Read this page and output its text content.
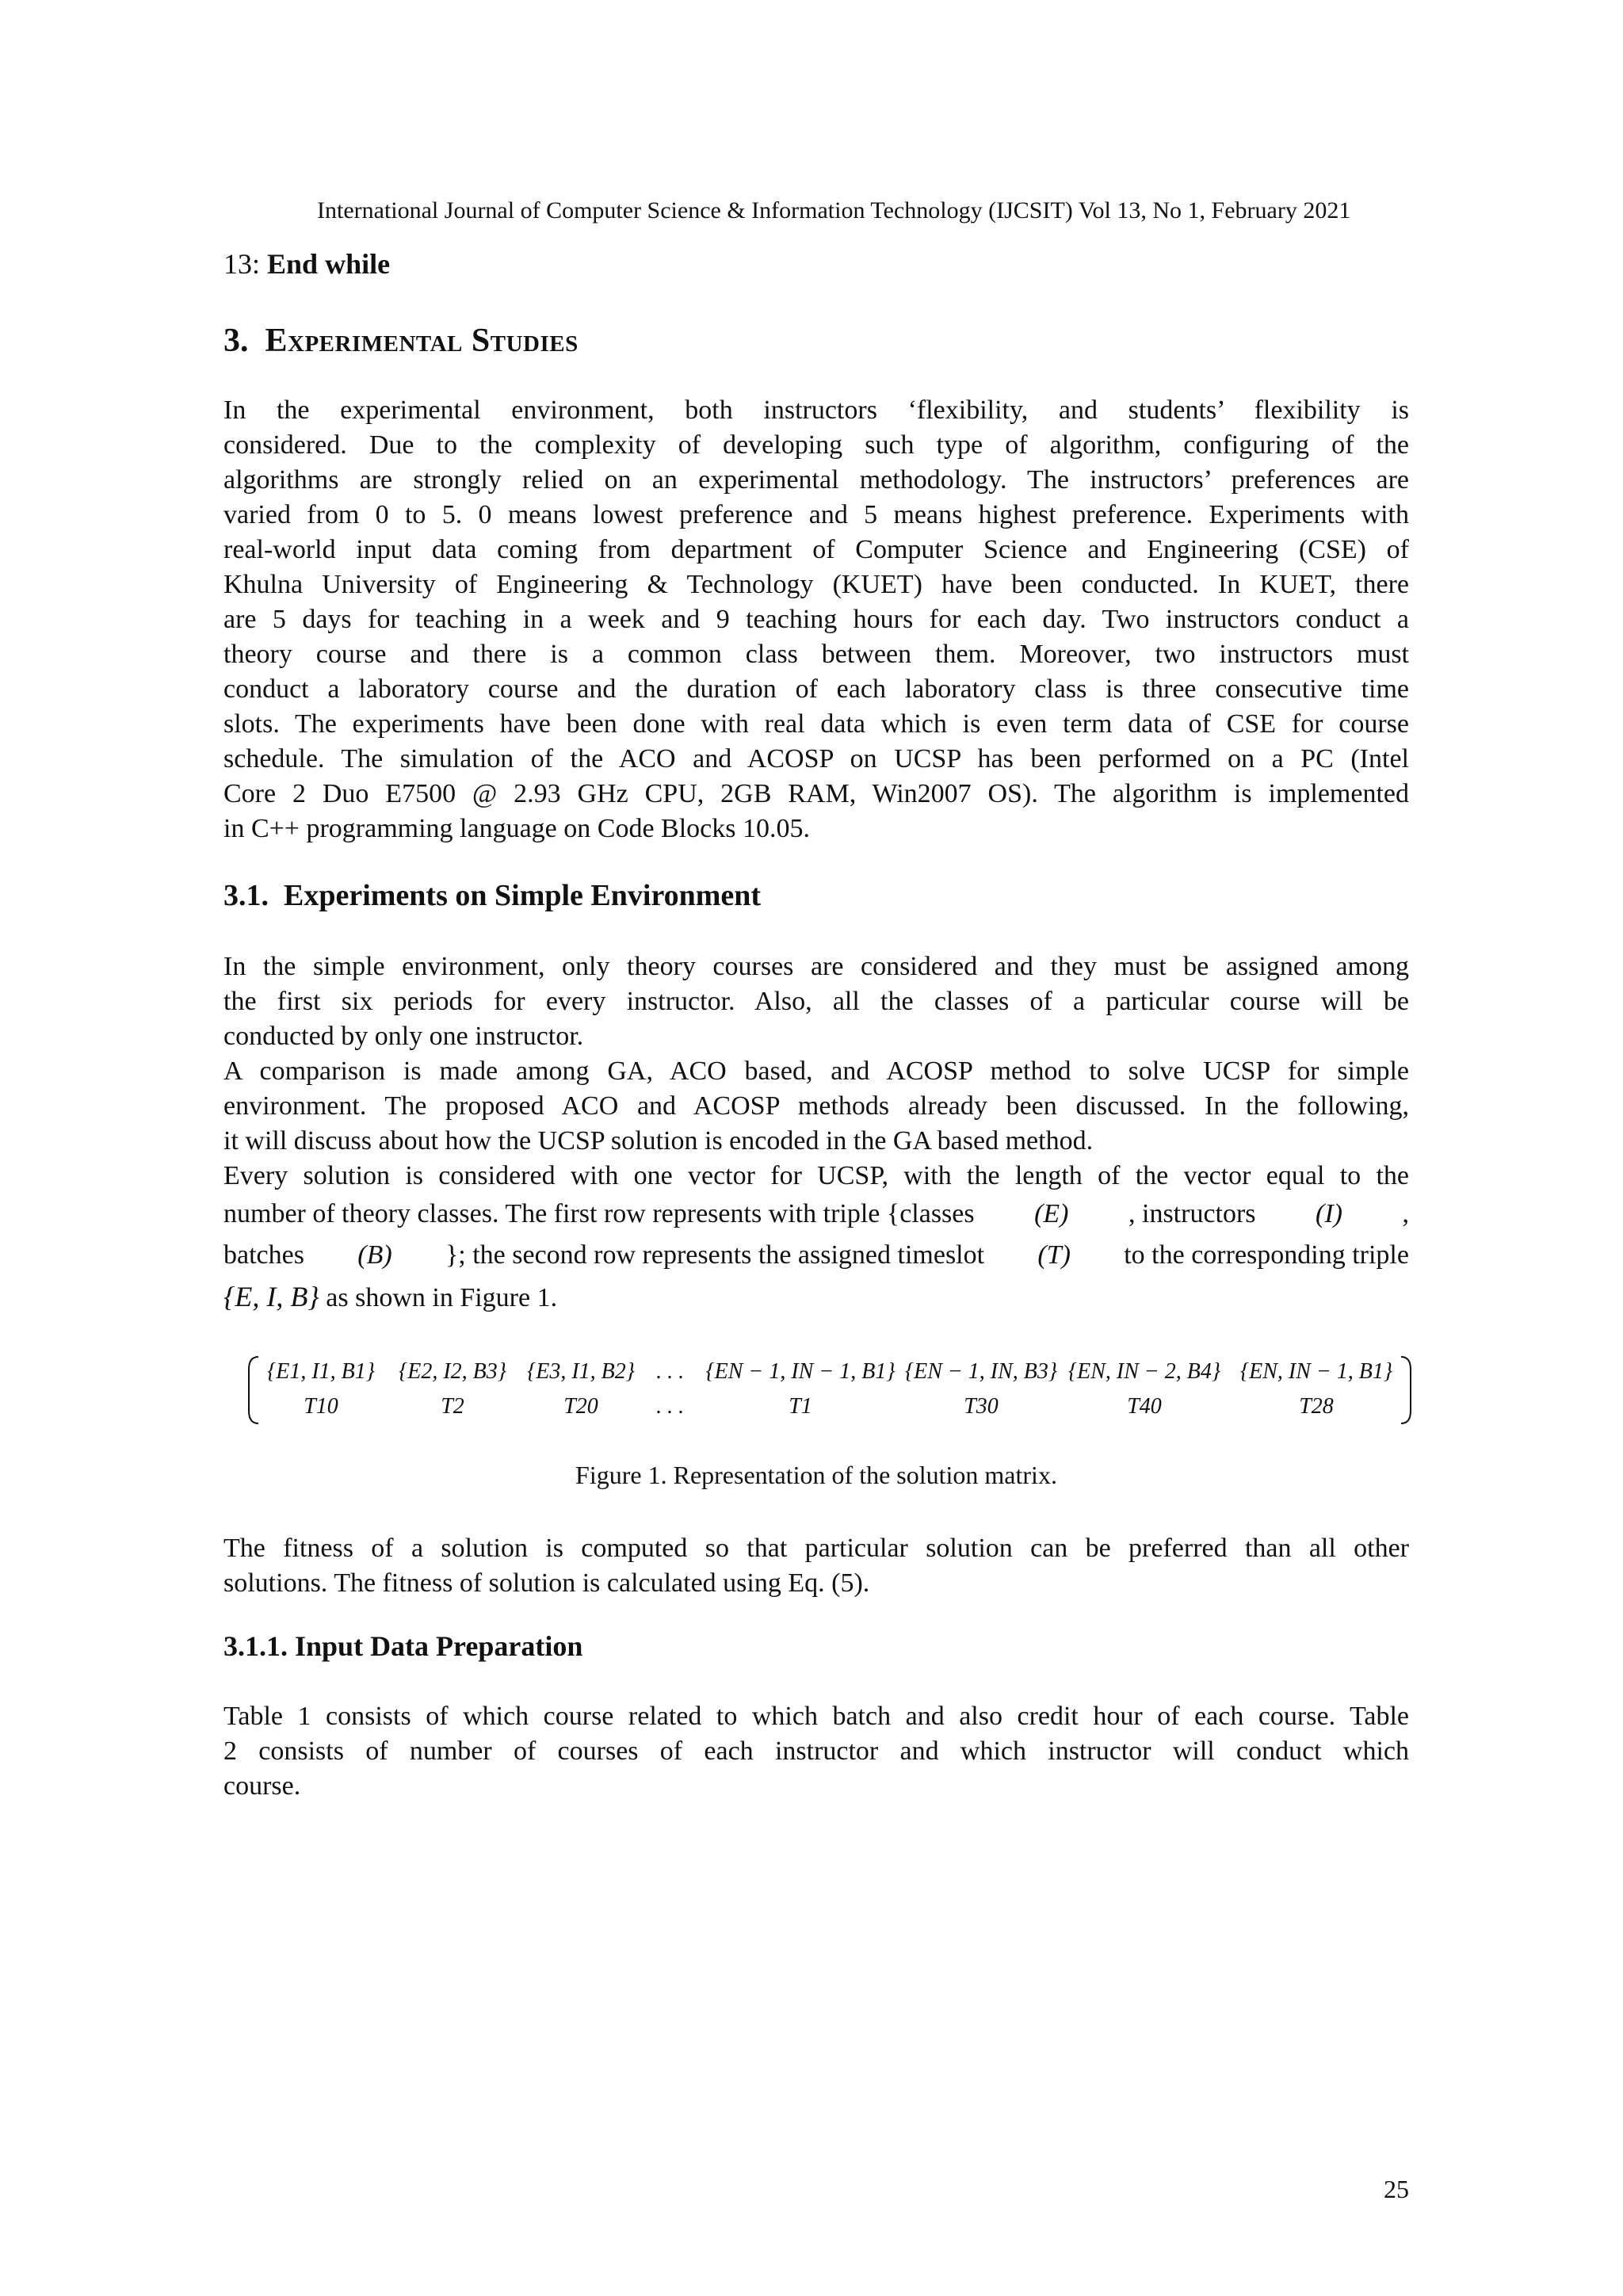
International Journal of Computer Science & Information Technology (IJCSIT) Vol 13, No 1, February 2021
13: End while
3. Experimental Studies
In the experimental environment, both instructors ‘flexibility, and students’ flexibility is
considered. Due to the complexity of developing such type of algorithm, configuring of the
algorithms are strongly relied on an experimental methodology. The instructors’ preferences are
varied from 0 to 5. 0 means lowest preference and 5 means highest preference. Experiments with
real-world input data coming from department of Computer Science and Engineering (CSE) of
Khulna University of Engineering & Technology (KUET) have been conducted. In KUET, there
are 5 days for teaching in a week and 9 teaching hours for each day. Two instructors conduct a
theory course and there is a common class between them. Moreover, two instructors must
conduct a laboratory course and the duration of each laboratory class is three consecutive time
slots. The experiments have been done with real data which is even term data of CSE for course
schedule. The simulation of the ACO and ACOSP on UCSP has been performed on a PC (Intel
Core 2 Duo E7500 @ 2.93 GHz CPU, 2GB RAM, Win2007 OS). The algorithm is implemented
in C++ programming language on Code Blocks 10.05.
3.1. Experiments on Simple Environment
In the simple environment, only theory courses are considered and they must be assigned among
the first six periods for every instructor. Also, all the classes of a particular course will be
conducted by only one instructor.
A comparison is made among GA, ACO based, and ACOSP method to solve UCSP for simple
environment. The proposed ACO and ACOSP methods already been discussed. In the following,
it will discuss about how the UCSP solution is encoded in the GA based method.
Every solution is considered with one vector for UCSP, with the length of the vector equal to the
number of theory classes. The first row represents with triple {classes (E) , instructors (I) ,
batches (B) }; the second row represents the assigned timeslot (T) to the corresponding triple
{E, I, B} as shown in Figure 1.
{E1, I1, B1} {E2, I2, B3} {E3, I1, B2} . . . {EN − 1, IN − 1, B1} {EN − 1, IN, B3} {EN, IN − 2, B4} {EN, IN − 1, B1}
T10	T2	T20	. . .	T1	T30	T40	T28
Figure 1. Representation of the solution matrix.
The fitness of a solution is computed so that particular solution can be preferred than all other
solutions. The fitness of solution is calculated using Eq. (5).
3.1.1. Input Data Preparation
Table 1 consists of which course related to which batch and also credit hour of each course. Table
2 consists of number of courses of each instructor and which instructor will conduct which
course.
25
